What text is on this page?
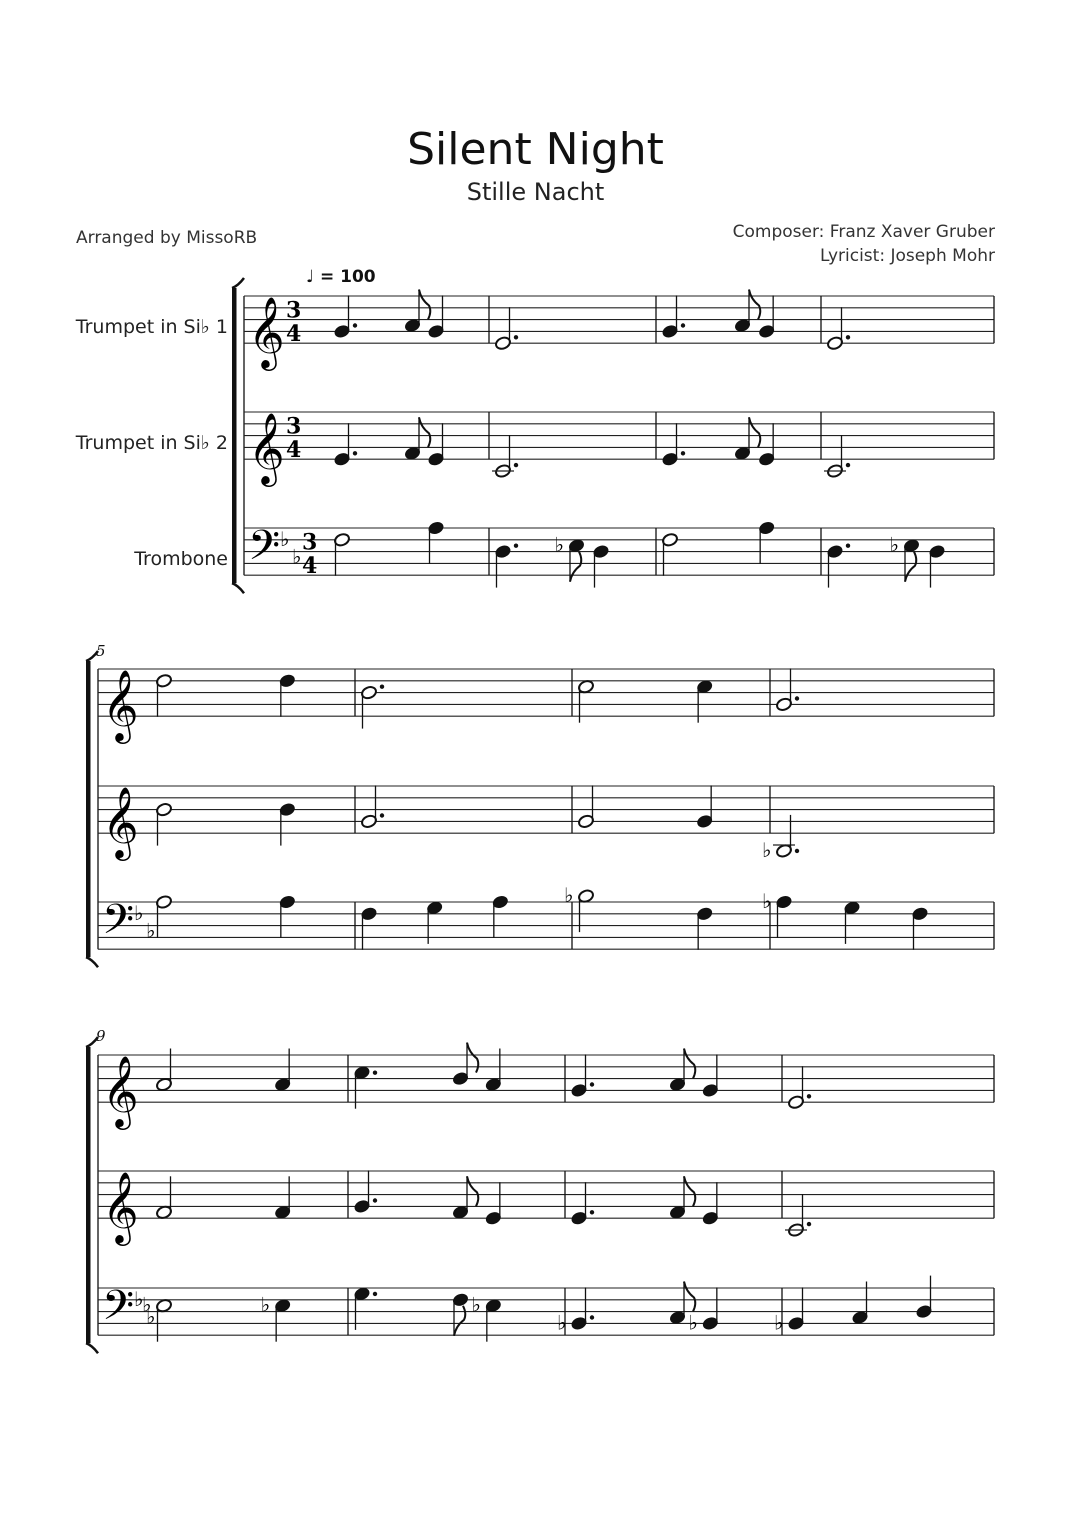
𝄞 3
4
𝄞 3
4
𝄢 ♭
♭
3
4
♭	♭
𝄞
𝄞	♭
𝄢 ♭
♭
♭	♭
𝄞
𝄞
𝄢 ♭
♭
♭	♭	♭
♭	♭	♭
Silent Night
Stille Nacht
Arranged by MissoRB	Composer: Franz Xaver Gruber
Lyricist: Joseph Mohr
♩ = 100
Trumpet in Si♭ 1
Trumpet in Si♭ 2
Trombone
5
9
